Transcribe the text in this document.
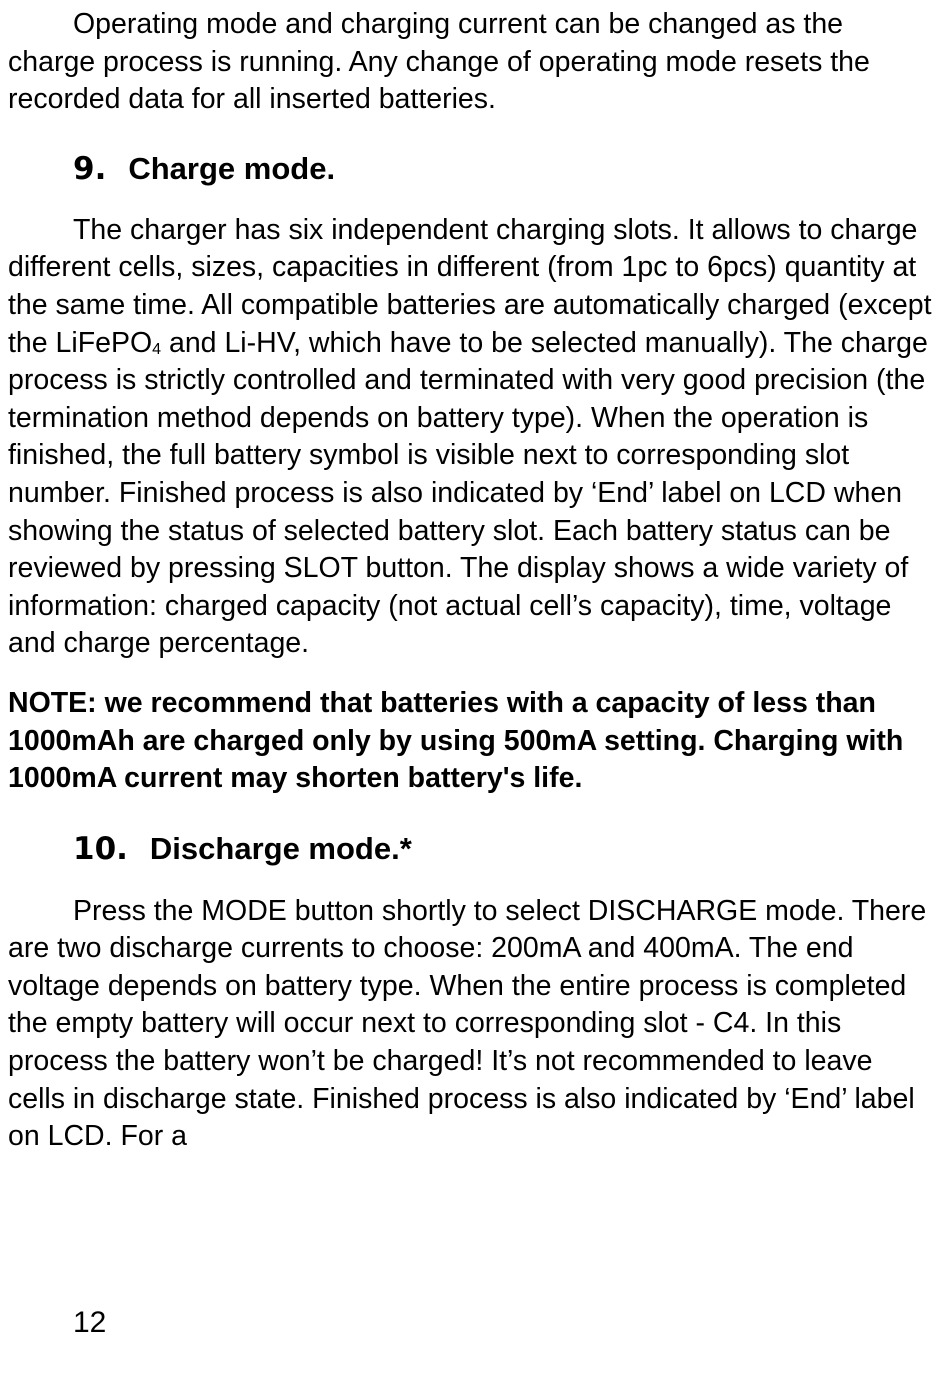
Operating mode and charging current can be changed as the charge process is running. Any change of operating mode resets the recorded data for all inserted batteries.

9. Charge mode.

The charger has six independent charging slots. It allows to charge different cells, sizes, capacities in different (from 1pc to 6pcs) quantity at the same time. All compatible batteries are automatically charged (except the LiFePO$_4$ and Li-HV, which have to be selected manually). The charge process is strictly controlled and terminated with very good precision (the termination method depends on battery type). When the operation is finished, the full battery symbol is visible next to corresponding slot number. Finished process is also indicated by ‘End’ label on LCD when showing the status of selected battery slot. Each battery status can be reviewed by pressing SLOT button. The display shows a wide variety of information: charged capacity (not actual cell’s capacity), time, voltage and charge percentage.

NOTE: we recommend that batteries with a capacity of less than 1000mAh are charged only by using 500mA setting. Charging with 1000mA current may shorten battery's life.

10. Discharge mode.*

Press the MODE button shortly to select DISCHARGE mode. There are two discharge currents to choose: 200mA and 400mA. The end voltage depends on battery type. When the entire process is completed the empty battery will occur next to corresponding slot - C4. In this process the battery won’t be charged! It’s not recommended to leave cells in discharge state. Finished process is also indicated by ‘End’ label on LCD. For a

12
